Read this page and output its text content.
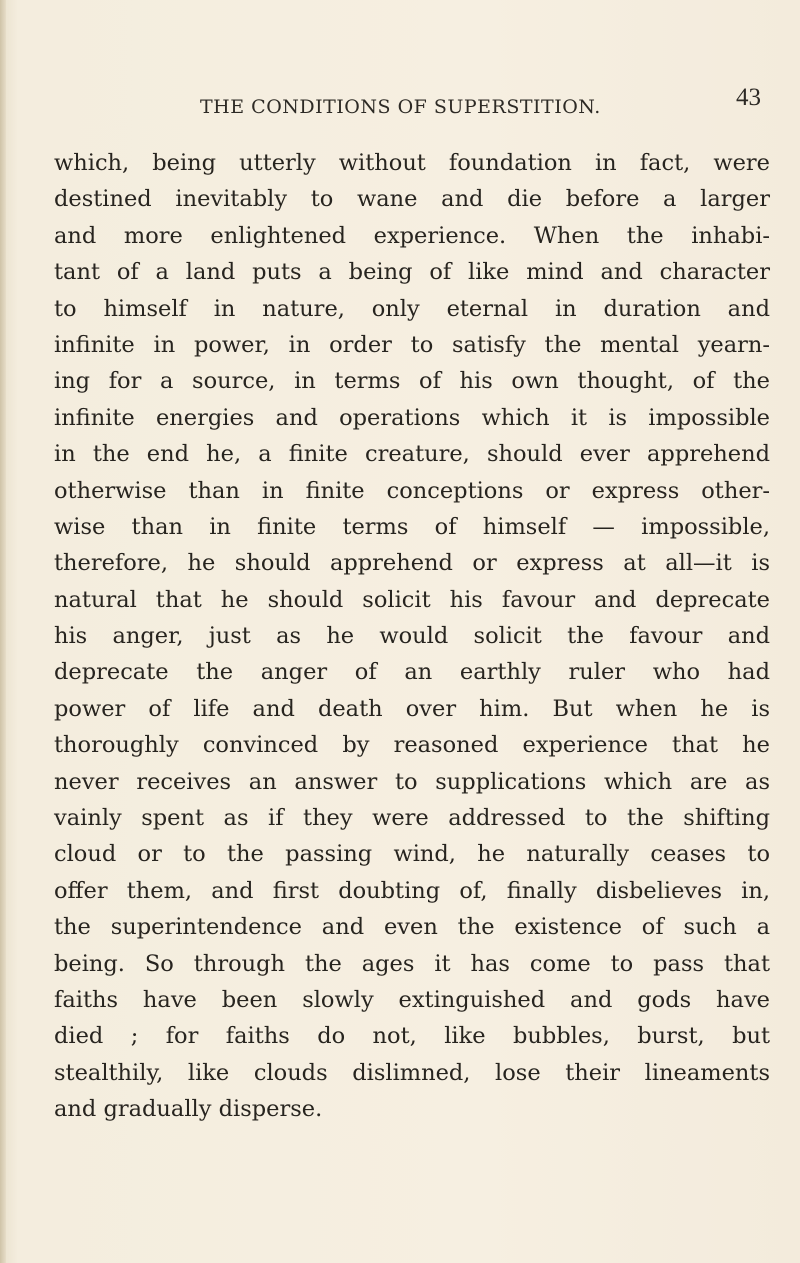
THE CONDITIONS OF SUPERSTITION.	43
which, being utterly without foundation in fact, were
destined inevitably to wane and die before a larger
and more enlightened experience. When the inhabi-
tant of a land puts a being of like mind and character
to himself in nature, only eternal in duration and
infinite in power, in order to satisfy the mental yearn-
ing for a source, in terms of his own thought, of the
infinite energies and operations which it is impossible
in the end he, a finite creature, should ever apprehend
otherwise than in finite conceptions or express other-
wise than in finite terms of himself — impossible,
therefore, he should apprehend or express at all—it is
natural that he should solicit his favour and deprecate
his anger, just as he would solicit the favour and
deprecate the anger of an earthly ruler who had
power of life and death over him. But when he is
thoroughly convinced by reasoned experience that he
never receives an answer to supplications which are as
vainly spent as if they were addressed to the shifting
cloud or to the passing wind, he naturally ceases to
offer them, and first doubting of, finally disbelieves in,
the superintendence and even the existence of such a
being. So through the ages it has come to pass that
faiths have been slowly extinguished and gods have
died ; for faiths do not, like bubbles, burst, but
stealthily, like clouds dislimned, lose their lineaments
and gradually disperse.
